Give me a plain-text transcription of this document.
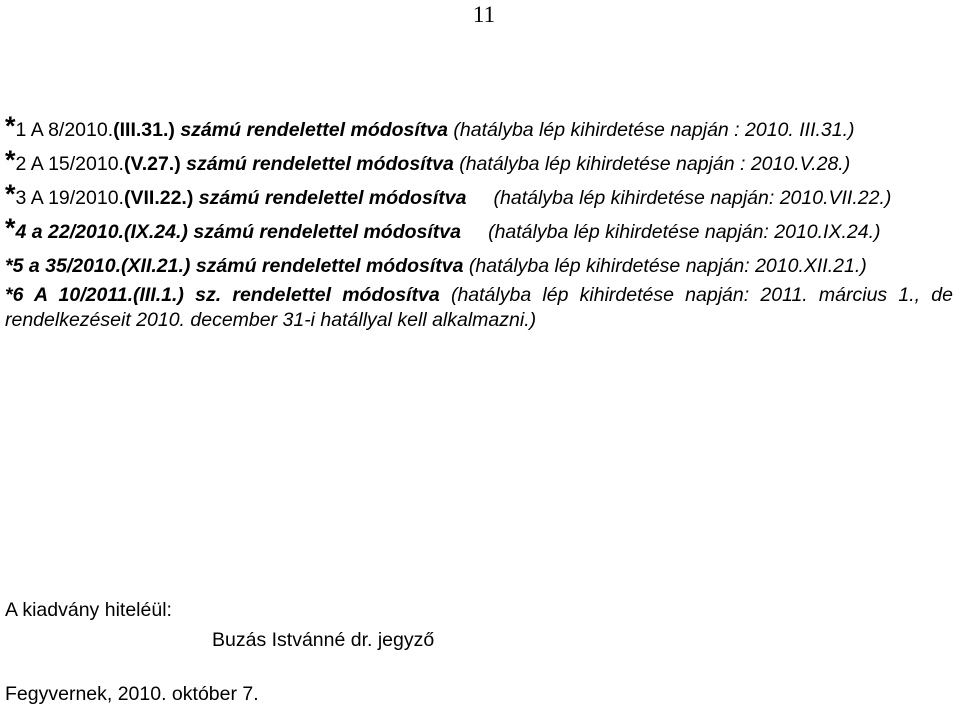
11

*1 A 8/2010.(III.31.) számú rendelettel módosítva (hatályba lép kihirdetése napján : 2010. III.31.)

*2 A 15/2010.(V.27.) számú rendelettel módosítva (hatályba lép kihirdetése napján : 2010.V.28.)

*3 A 19/2010.(VII.22.) számú rendelettel módosítva     (hatályba lép kihirdetése napján: 2010.VII.22.)

*4 a 22/2010.(IX.24.) számú rendelettel módosítva     (hatályba lép kihirdetése napján: 2010.IX.24.)

*5 a 35/2010.(XII.21.) számú rendelettel módosítva (hatályba lép kihirdetése napján: 2010.XII.21.)

*6 A 10/2011.(III.1.) sz. rendelettel módosítva (hatályba lép kihirdetése napján: 2011. március 1., de rendelkezéseit 2010. december 31-i hatállyal kell alkalmazni.)

A kiadvány hiteléül:
Buzás Istvánné dr. jegyző
Fegyvernek, 2010. október 7.
